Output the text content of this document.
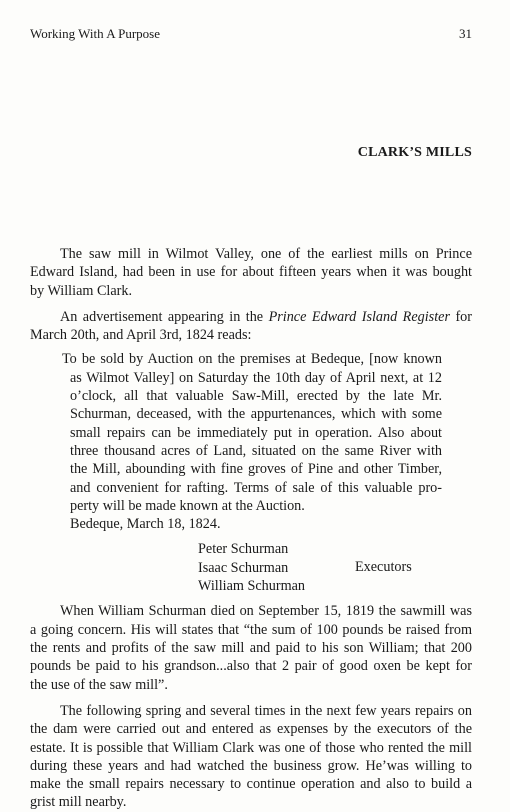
Working With A Purpose	31
CLARK’S MILLS
The saw mill in Wilmot Valley, one of the earliest mills on Prince
Edward Island, had been in use for about fifteen years when it was bought
by William Clark.
An advertisement appearing in the Prince Edward Island Register for
March 20th, and April 3rd, 1824 reads:
To be sold by Auction on the premises at Bedeque, [now known
as Wilmot Valley] on Saturday the 10th day of April next, at 12
o’clock, all that valuable Saw-Mill, erected by the late Mr.
Schurman, deceased, with the appurtenances, which with some
small repairs can be immediately put in operation. Also about
three thousand acres of Land, situated on the same River with
the Mill, abounding with fine groves of Pine and other Timber,
and convenient for rafting. Terms of sale of this valuable pro-
perty will be made known at the Auction.
Bedeque, March 18, 1824.
Peter Schurman
Isaac Schurman
William Schurman
Executors
When William Schurman died on September 15, 1819 the sawmill was
a going concern. His will states that “the sum of 100 pounds be raised from
the rents and profits of the saw mill and paid to his son William; that 200
pounds be paid to his grandson...also that 2 pair of good oxen be kept for
the use of the saw mill”.
The following spring and several times in the next few years repairs on
the dam were carried out and entered as expenses by the executors of the
estate. It is possible that William Clark was one of those who rented the mill
during these years and had watched the business grow. He’was willing to
make the small repairs necessary to continue operation and also to build a
grist mill nearby.
